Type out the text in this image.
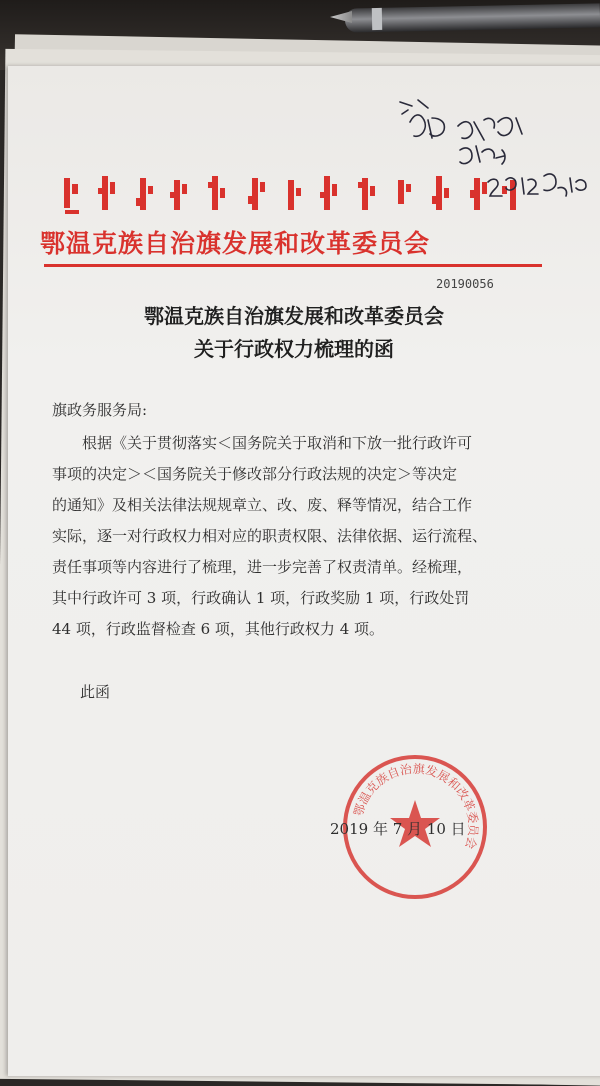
ᠡᠸᠧᠩᠺᠢ ᠥᠪᠡᠷᠲᠡᠭᠡᠨ ᠵᠠᠰᠠᠬᠤ ᠬᠣᠰᠢᠭᠤᠨ
鄂温克族自治旗发展和改革委员会
20190056
鄂温克族自治旗发展和改革委员会
关于行政权力梳理的函
旗政务服务局:
　　根据《关于贯彻落实＜国务院关于取消和下放一批行政许可
事项的决定＞＜国务院关于修改部分行政法规的决定＞等决定
的通知》及相关法律法规规章立、改、废、释等情况，结合工作
实际，逐一对行政权力相对应的职责权限、法律依据、运行流程、
责任事项等内容进行了梳理，进一步完善了权责清单。经梳理，
其中行政许可 3 项，行政确认 1 项，行政奖励 1 项，行政处罚
44 项，行政监督检查 6 项，其他行政权力 4 项。
此函
鄂温克族自治旗发展和改革委员会
2019 年 7 月 10 日
同意 签发 2019.7.10
